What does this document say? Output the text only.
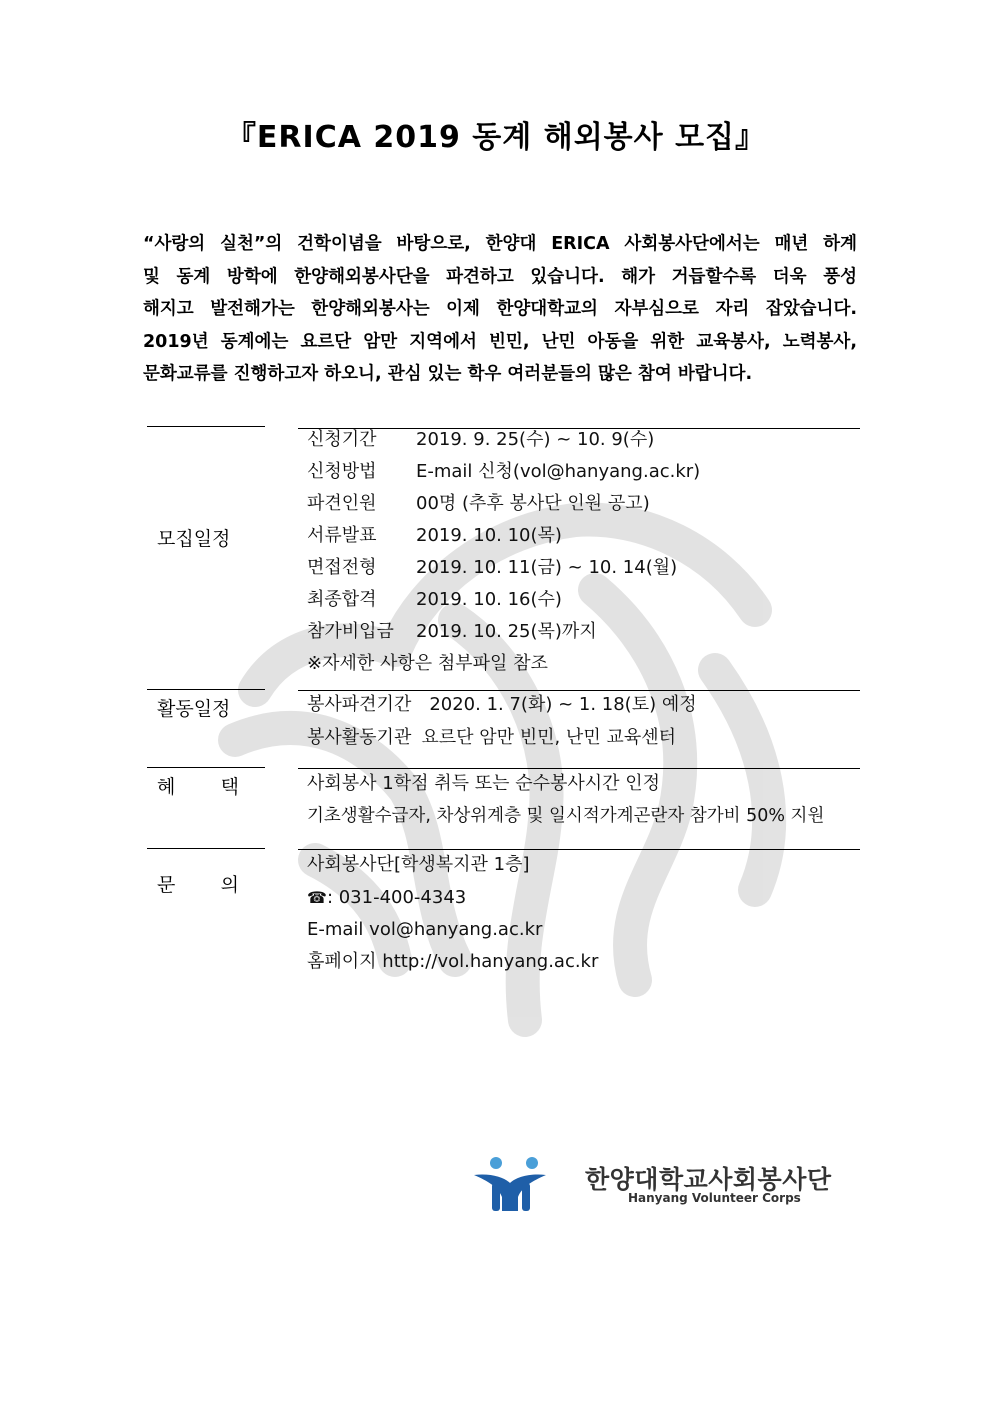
『ERICA 2019 동계 해외봉사 모집』
“사랑의 실천”의 건학이념을 바탕으로, 한양대 ERICA 사회봉사단에서는 매년 하계
및 동계 방학에 한양해외봉사단을 파견하고 있습니다. 해가 거듭할수록 더욱 풍성
해지고 발전해가는 한양해외봉사는 이제 한양대학교의 자부심으로 자리 잡았습니다.
2019년 동계에는 요르단 암만 지역에서 빈민, 난민 아동을 위한 교육봉사, 노력봉사,
문화교류를 진행하고자 하오니, 관심 있는 학우 여러분들의 많은 참여 바랍니다.
모집일정
신청기간 2019. 9. 25(수) ~ 10. 9(수)
신청방법 E-mail 신청(vol@hanyang.ac.kr)
파견인원 00명 (추후 봉사단 인원 공고)
서류발표 2019. 10. 10(목)
면접전형 2019. 10. 11(금) ~ 10. 14(월)
최종합격 2019. 10. 16(수)
참가비입금 2019. 10. 25(목)까지
※자세한 사항은 첨부파일 참조
활동일정	봉사파견기간 2020. 1. 7(화) ~ 1. 18(토) 예정
봉사활동기관 요르단 암만 빈민, 난민 교육센터
혜 택	사회봉사 1학점 취득 또는 순수봉사시간 인정
기초생활수급자, 차상위계층 및 일시적가계곤란자 참가비 50% 지원
문 의
사회봉사단[학생복지관 1층]
☎: 031-400-4343
E-mail vol@hanyang.ac.kr
홈페이지 http://vol.hanyang.ac.kr
한양대학교사회봉사단
Hanyang Volunteer Corps
